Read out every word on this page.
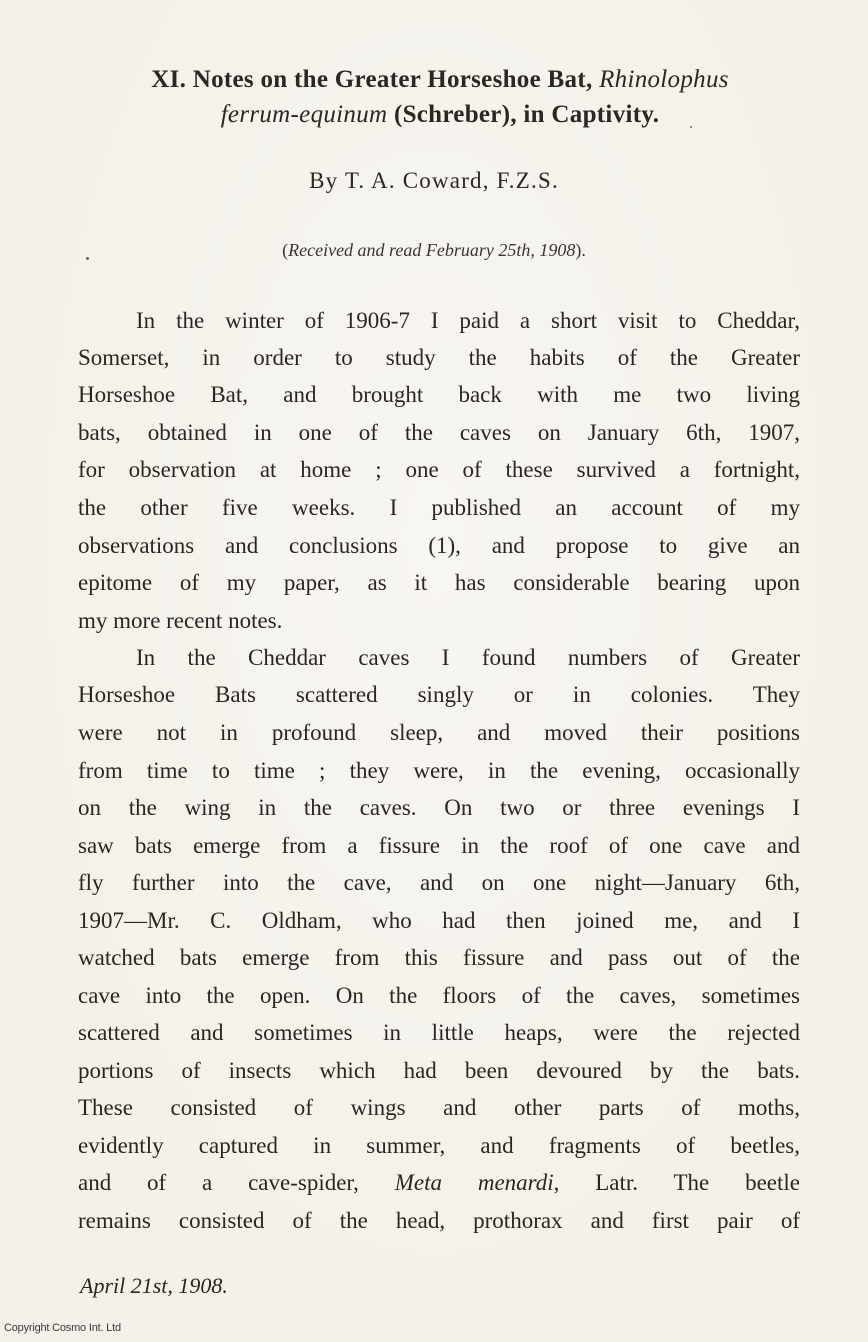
XI. Notes on the Greater Horseshoe Bat, Rhinolophus
ferrum-equinum (Schreber), in Captivity.
By T. A. Coward, F.Z.S.
(Received and read February 25th, 1908).
In the winter of 1906-7 I paid a short visit to Cheddar,
Somerset, in order to study the habits of the Greater
Horseshoe Bat, and brought back with me two living
bats, obtained in one of the caves on January 6th, 1907,
for observation at home ; one of these survived a fortnight,
the other five weeks. I published an account of my
observations and conclusions (1), and propose to give an
epitome of my paper, as it has considerable bearing upon
my more recent notes.
In the Cheddar caves I found numbers of Greater
Horseshoe Bats scattered singly or in colonies. They
were not in profound sleep, and moved their positions
from time to time ; they were, in the evening, occasionally
on the wing in the caves. On two or three evenings I
saw bats emerge from a fissure in the roof of one cave and
fly further into the cave, and on one night—January 6th,
1907—Mr. C. Oldham, who had then joined me, and I
watched bats emerge from this fissure and pass out of the
cave into the open. On the floors of the caves, sometimes
scattered and sometimes in little heaps, were the rejected
portions of insects which had been devoured by the bats.
These consisted of wings and other parts of moths,
evidently captured in summer, and fragments of beetles,
and of a cave-spider, Meta menardi, Latr. The beetle
remains consisted of the head, prothorax and first pair of
April 21st, 1908.
Copyright Cosmo Int. Ltd
